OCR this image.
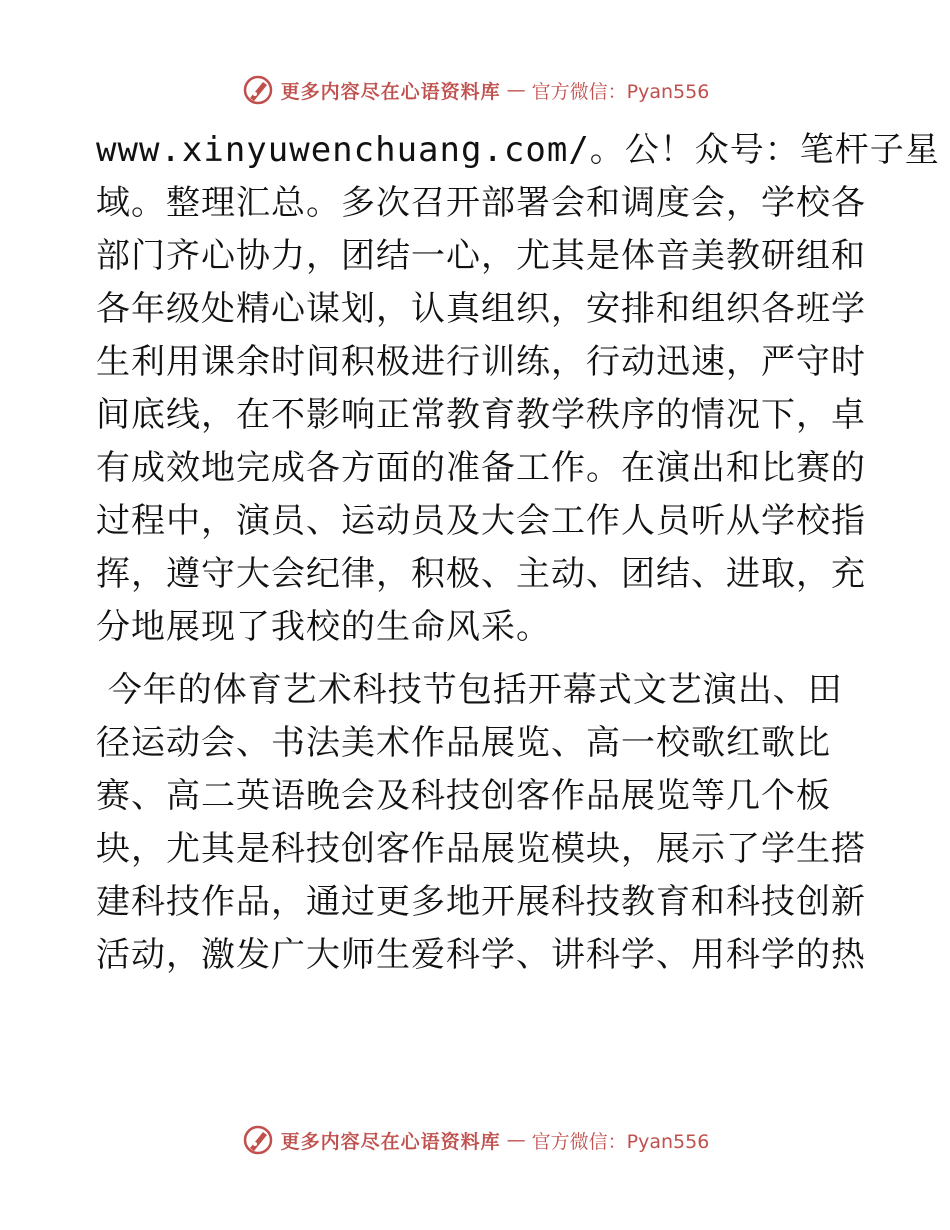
更多内容尽在心语资料库 — 官方微信：Pyan556
www.xinyuwenchuang.com/。公！众号：笔杆子星
域。整理汇总。多次召开部署会和调度会，学校各
部门齐心协力，团结一心，尤其是体音美教研组和
各年级处精心谋划，认真组织，安排和组织各班学
生利用课余时间积极进行训练，行动迅速，严守时
间底线，在不影响正常教育教学秩序的情况下，卓
有成效地完成各方面的准备工作。在演出和比赛的
过程中，演员、运动员及大会工作人员听从学校指
挥，遵守大会纪律，积极、主动、团结、进取，充
分地展现了我校的生命风采。
今年的体育艺术科技节包括开幕式文艺演出、田
径运动会、书法美术作品展览、高一校歌红歌比
赛、高二英语晚会及科技创客作品展览等几个板
块，尤其是科技创客作品展览模块，展示了学生搭
建科技作品，通过更多地开展科技教育和科技创新
活动，激发广大师生爱科学、讲科学、用科学的热
更多内容尽在心语资料库 — 官方微信：Pyan556
